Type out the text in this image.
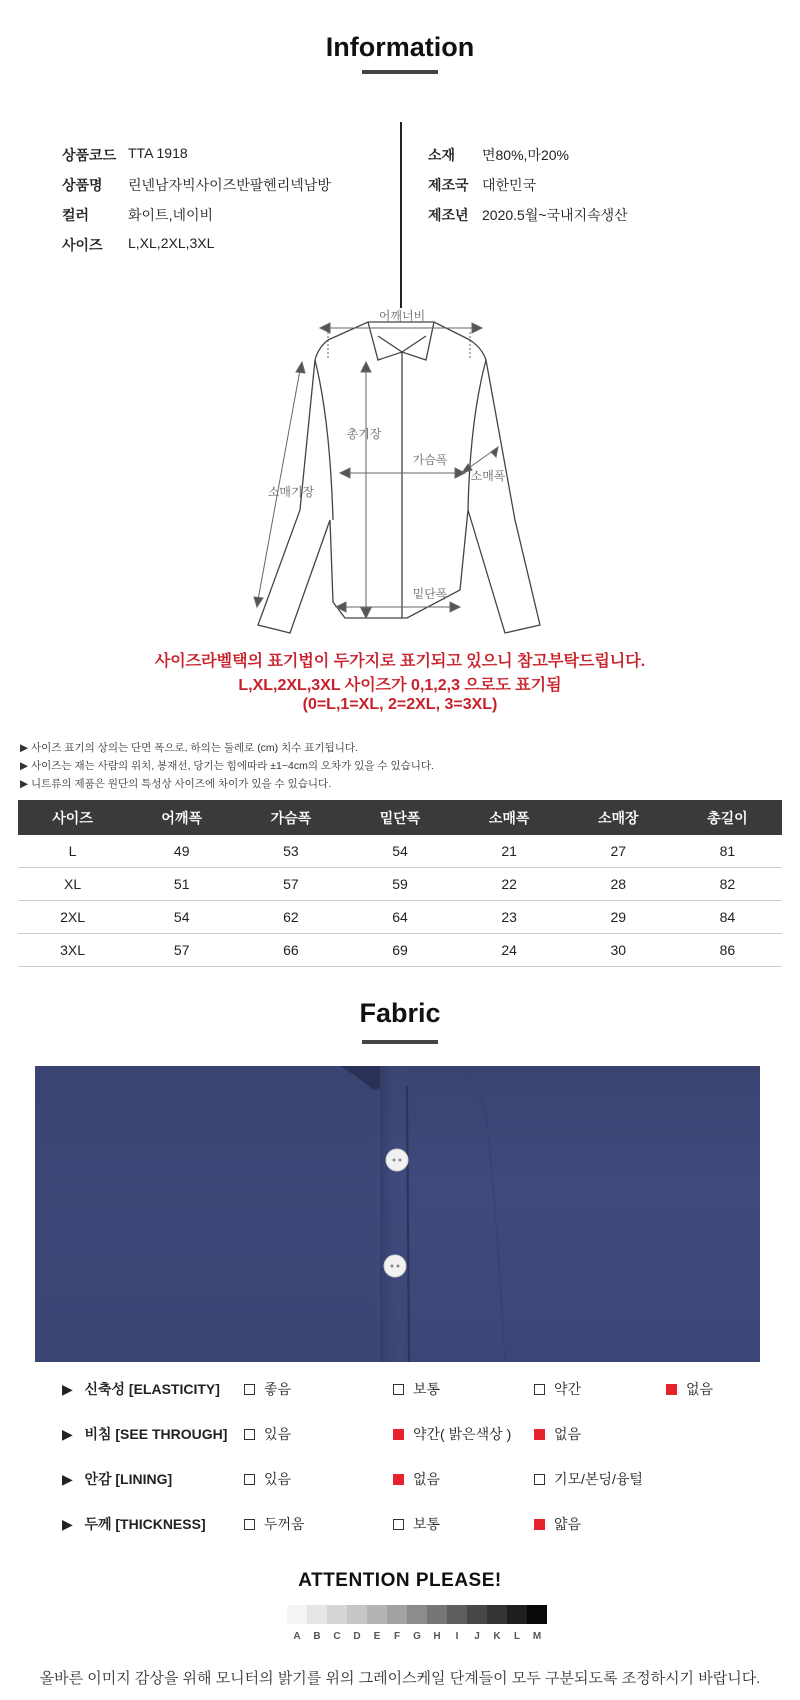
Information
상품코드 TTA 1918
상품명	린넨남자빅사이즈반팔헨리넥남방
컬러	화이트,네이비
사이즈	L,XL,2XL,3XL
소재	면80%,마20%
제조국 대한민국
제조년 2020.5월~국내지속생산
어깨너비
총기장
가슴폭
소매폭
소매기장
밑단폭
사이즈라벨택의 표기법이 두가지로 표기되고 있으니 참고부탁드립니다.
L,XL,2XL,3XL 사이즈가 0,1,2,3 으로도 표기됨
(0=L,1=XL, 2=2XL, 3=3XL)
▶ 사이즈 표기의 상의는 단면 폭으로, 하의는 둘레로 (cm) 치수 표기됩니다.
▶ 사이즈는 재는 사람의 위치, 봉재선, 당기는 힘에따라 ±1~4cm의 오차가 있을 수 있습니다.
▶ 니트류의 제품은 원단의 특성상 사이즈에 차이가 있을 수 있습니다.
사이즈	어깨폭	가슴폭	밑단폭	소매폭	소매장	총길이
L	49	53	54	21	27	81
XL	51	57	59	22	28	82
2XL	54	62	64	23	29	84
3XL	57	66	69	24	30	86
Fabric
▶ 신축성 [ELASTICITY]	좋음	보통	약간	없음
▶ 비침 [SEE THROUGH]	있음	약간( 밝은색상 )	없음
▶ 안감 [LINING]	있음	없음	기모/본딩/융털
▶ 두께 [THICKNESS]	두꺼움	보통	얇음
ATTENTION PLEASE!
A	B	C	D	E	F	G	H	I	J	K	L	M
올바른 이미지 감상을 위해 모니터의 밝기를 위의 그레이스케일 단계들이 모두 구분되도록 조정하시기 바랍니다.
